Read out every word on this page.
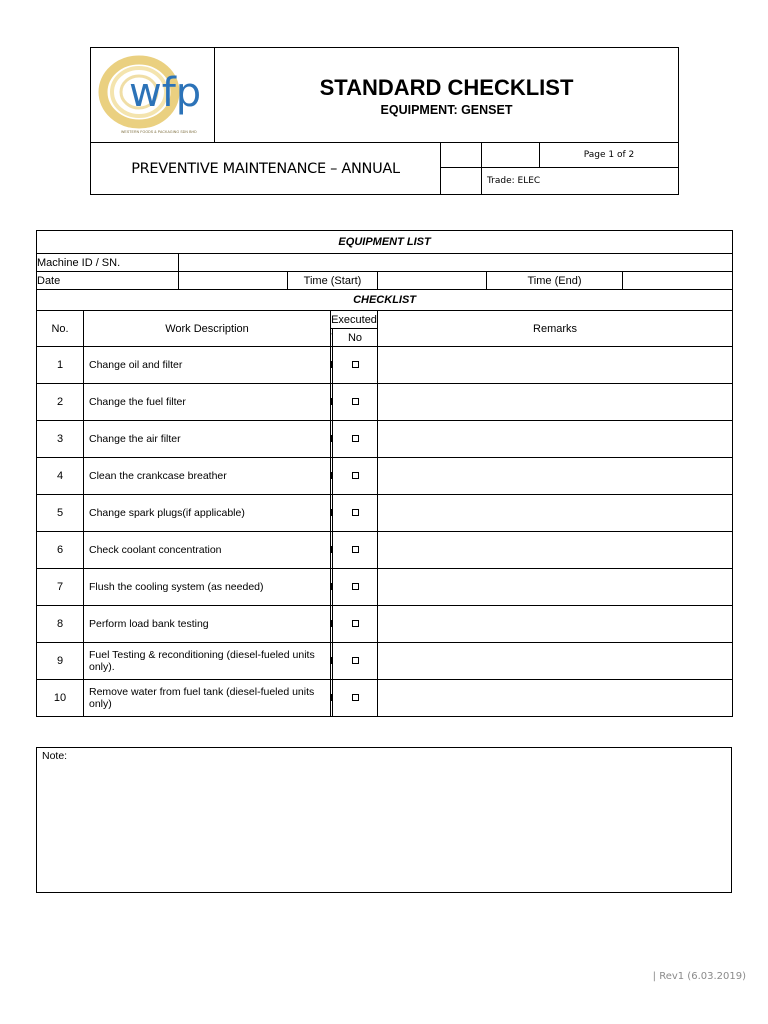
wfp
WESTERN FOODS & PACKAGING SDN BHD
STANDARD CHECKLIST
EQUIPMENT: GENSET
PREVENTIVE MAINTENANCE – ANNUAL
Page 1 of 2
Trade: ELEC
EQUIPMENT LIST								
Machine ID / SN.								
Date			Time (Start)				Time (End)	
CHECKLIST								
No.	Work Description			Executed		Remarks		
	No			
1	Change oil and filter							
2	Change the fuel filter							
3	Change the air filter							
4	Clean the crankcase breather							
5	Change spark plugs(if applicable)							
6	Check coolant concentration							
7	Flush the cooling system (as needed)							
8	Perform load bank testing							
9	Fuel Testing & reconditioning (diesel-fueled units only).							
10	Remove water from fuel tank (diesel-fueled units only)							
Note:
| Rev1 (6.03.2019)
